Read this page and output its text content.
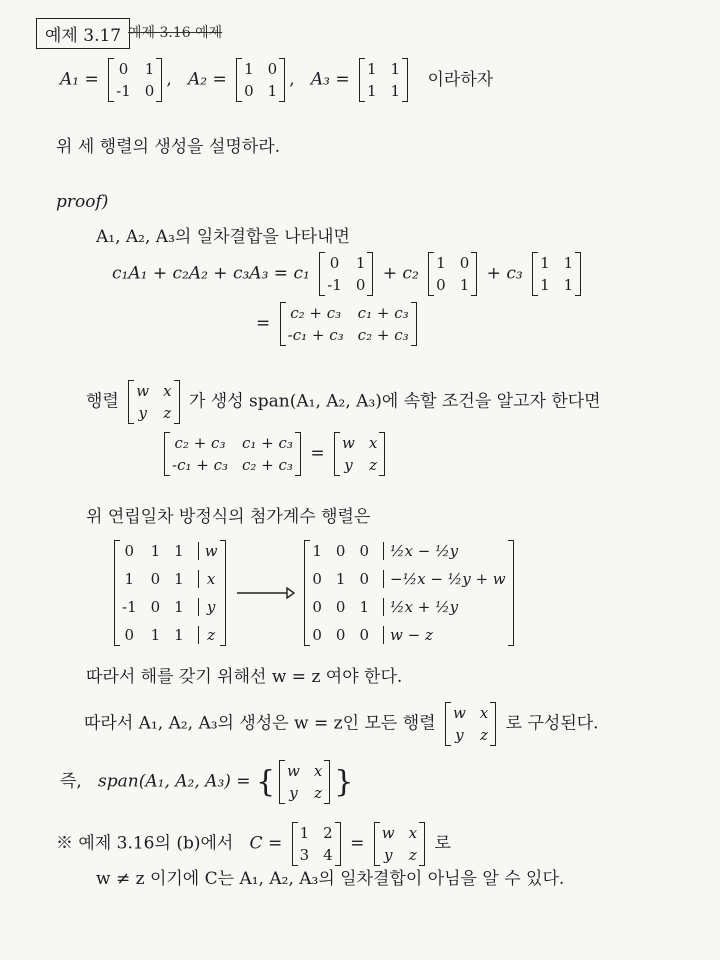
예제 3.17 예제 3.16 예제
A₁ =
0 1
-1 0
,   A₂ =
1 0
0 1
,   A₃ =
1 1
1 1
이라하자
위 세 행렬의 생성을 설명하라.
proof)
A₁, A₂, A₃의 일차결합을 나타내면
c₁A₁ + c₂A₂ + c₃A₃ = c₁
0 1
-1 0
+ c₂
1 0
0 1
+ c₃
1 1
1 1
=
c₂ + c₃ c₁ + c₃
-c₁ + c₃ c₂ + c₃
행렬
w x
y z
가 생성 span(A₁, A₂, A₃)에 속할 조건을 알고자 한다면
c₂ + c₃ c₁ + c₃
-c₁ + c₃ c₂ + c₃
=
w x
y z
위 연립일차 방정식의 첨가계수 행렬은
0 1 1	w
1 0 1	x
-1 0 1	y
0 1 1	z

1 0 0	½x − ½y
0 1 0	−½x − ½y + w
0 0 1	½x + ½y
0 0 0	w − z
따라서 해를 갖기 위해선 w = z 여야 한다.
따라서 A₁, A₂, A₃의 생성은 w = z인 모든 행렬
w x
y z
로 구성된다.
즉, span(A₁, A₂, A₃) = { w x
y z }
※ 예제 3.16의 (b)에서 C =
1 2
3 4
=
w x
y z
로
w ≠ z 이기에 C는 A₁, A₂, A₃의 일차결합이 아님을 알 수 있다.
